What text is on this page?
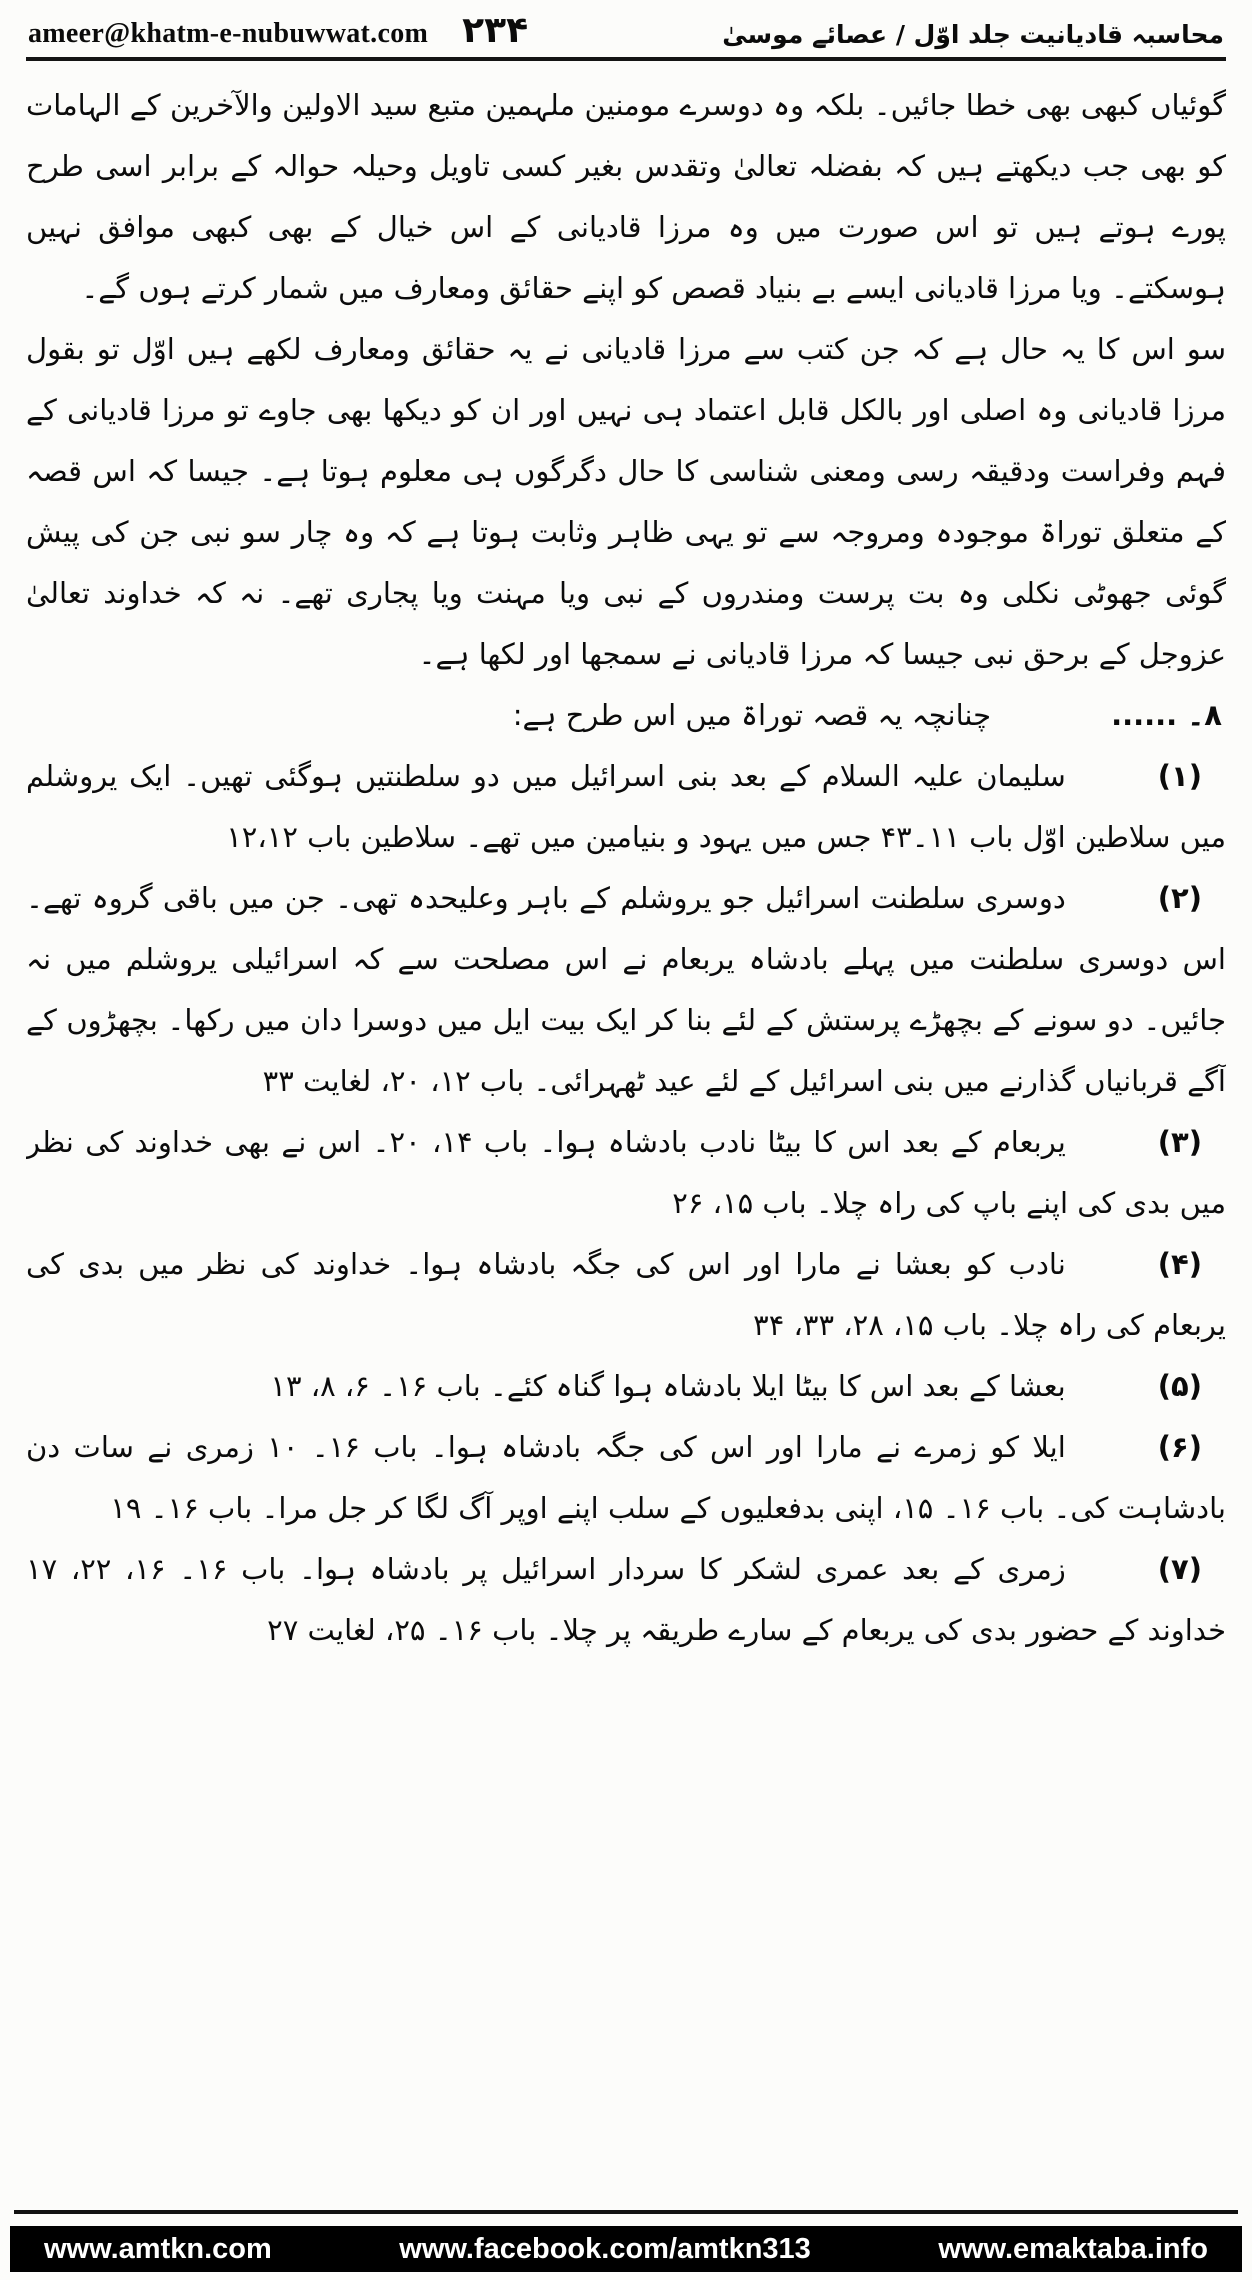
ameer@khatm-e-nubuwwat.com ۲۳۴	محاسبہ قادیانیت جلد اوّل / عصائے موسیٰ

گوئیاں کبھی بھی خطا جائیں۔ بلکہ وہ دوسرے مومنین ملہمین متبع سید الاولین والآخرین کے الہامات کو بھی جب دیکھتے ہیں کہ بفضلہ تعالیٰ وتقدس بغیر کسی تاویل وحیلہ حوالہ کے برابر اسی طرح پورے ہوتے ہیں تو اس صورت میں وہ مرزا قادیانی کے اس خیال کے بھی کبھی موافق نہیں ہوسکتے۔ ویا مرزا قادیانی ایسے بے بنیاد قصص کو اپنے حقائق ومعارف میں شمار کرتے ہوں گے۔

سو اس کا یہ حال ہے کہ جن کتب سے مرزا قادیانی نے یہ حقائق ومعارف لکھے ہیں اوّل تو بقول مرزا قادیانی وہ اصلی اور بالکل قابل اعتماد ہی نہیں اور ان کو دیکھا بھی جاوے تو مرزا قادیانی کے فہم وفراست ودقیقہ رسی ومعنی شناسی کا حال دگرگوں ہی معلوم ہوتا ہے۔ جیسا کہ اس قصہ کے متعلق توراۃ موجودہ ومروجہ سے تو یہی ظاہر وثابت ہوتا ہے کہ وہ چار سو نبی جن کی پیش گوئی جھوٹی نکلی وہ بت پرست ومندروں کے نبی ویا مہنت ویا پجاری تھے۔ نہ کہ خداوند تعالیٰ عزوجل کے برحق نبی جیسا کہ مرزا قادیانی نے سمجھا اور لکھا ہے۔

۸۔ ......چنانچہ یہ قصہ توراۃ میں اس طرح ہے:

(۱)سلیمان علیہ السلام کے بعد بنی اسرائیل میں دو سلطنتیں ہوگئی تھیں۔ ایک یروشلم میں سلاطین اوّل باب ۱۱۔۴۳ جس میں یہود و بنیامین میں تھے۔ سلاطین باب ۱۲،۱۲

(۲)دوسری سلطنت اسرائیل جو یروشلم کے باہر وعلیحدہ تھی۔ جن میں باقی گروہ تھے۔ اس دوسری سلطنت میں پہلے بادشاہ یربعام نے اس مصلحت سے کہ اسرائیلی یروشلم میں نہ جائیں۔ دو سونے کے بچھڑے پرستش کے لئے بنا کر ایک بیت ایل میں دوسرا دان میں رکھا۔ بچھڑوں کے آگے قربانیاں گذارنے میں بنی اسرائیل کے لئے عید ٹھہرائی۔ باب ۱۲، ۲۰، لغایت ۳۳

(۳)یربعام کے بعد اس کا بیٹا نادب بادشاہ ہوا۔ باب ۱۴، ۲۰۔ اس نے بھی خداوند کی نظر میں بدی کی اپنے باپ کی راہ چلا۔ باب ۱۵، ۲۶

(۴)نادب کو بعشا نے مارا اور اس کی جگہ بادشاہ ہوا۔ خداوند کی نظر میں بدی کی یربعام کی راہ چلا۔ باب ۱۵، ۲۸، ۳۳، ۳۴

(۵)بعشا کے بعد اس کا بیٹا ایلا بادشاہ ہوا گناہ کئے۔ باب ۱۶۔ ۶، ۸، ۱۳

(۶)ایلا کو زمرے نے مارا اور اس کی جگہ بادشاہ ہوا۔ باب ۱۶۔ ۱۰ زمری نے سات دن بادشاہت کی۔ باب ۱۶۔ ۱۵، اپنی بدفعلیوں کے سلب اپنے اوپر آگ لگا کر جل مرا۔ باب ۱۶۔ ۱۹

(۷)زمری کے بعد عمری لشکر کا سردار اسرائیل پر بادشاہ ہوا۔ باب ۱۶۔ ۱۶، ۲۲، ۱۷ خداوند کے حضور بدی کی یربعام کے سارے طریقہ پر چلا۔ باب ۱۶۔ ۲۵، لغایت ۲۷

www.amtkn.com	www.facebook.com/amtkn313	www.emaktaba.info
